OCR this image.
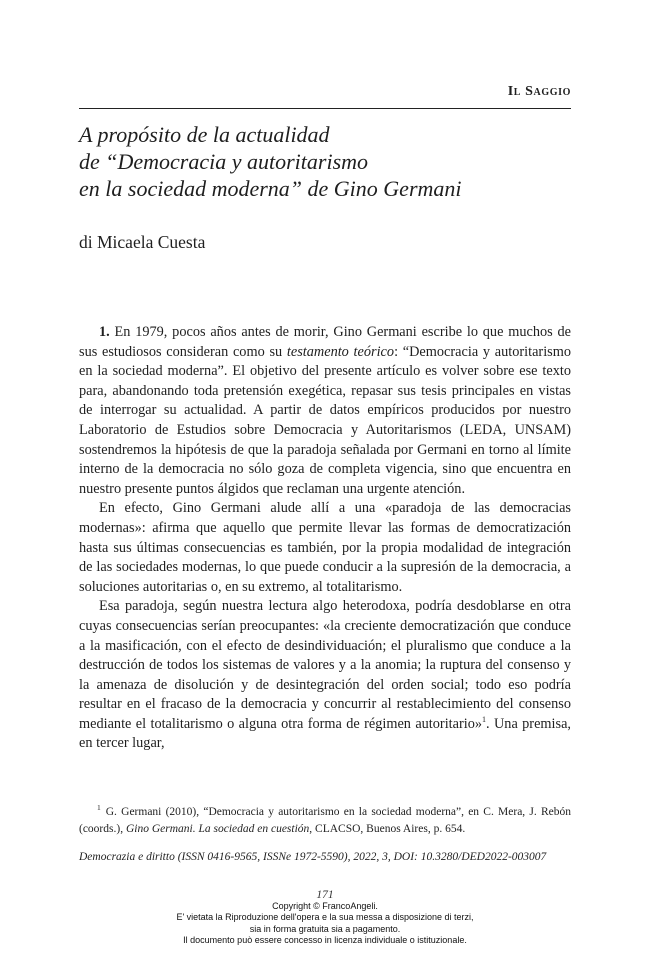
Il Saggio
A propósito de la actualidad
de “Democracia y autoritarismo
en la sociedad moderna” de Gino Germani
di Micaela Cuesta

1. En 1979, pocos años antes de morir, Gino Germani escribe lo que muchos de sus estudiosos consideran como su testamento teórico: “Democracia y autoritarismo en la sociedad moderna”. El objetivo del presente artículo es volver sobre ese texto para, abandonando toda pretensión exegética, repasar sus tesis principales en vistas de interrogar su actualidad. A partir de datos empíricos producidos por nuestro Laboratorio de Estudios sobre Democracia y Autoritarismos (LEDA, UNSAM) sostendremos la hipótesis de que la paradoja señalada por Germani en torno al límite interno de la democracia no sólo goza de completa vigencia, sino que encuentra en nuestro presente puntos álgidos que reclaman una urgente atención.

En efecto, Gino Germani alude allí a una «paradoja de las democracias modernas»: afirma que aquello que permite llevar las formas de democratización hasta sus últimas consecuencias es también, por la propia modalidad de integración de las sociedades modernas, lo que puede conducir a la supresión de la democracia, a soluciones autoritarias o, en su extremo, al totalitarismo.

Esa paradoja, según nuestra lectura algo heterodoxa, podría desdoblarse en otra cuyas consecuencias serían preocupantes: «la creciente democratización que conduce a la masificación, con el efecto de desindividuación; el pluralismo que conduce a la destrucción de todos los sistemas de valores y a la anomia; la ruptura del consenso y la amenaza de disolución y de desintegración del orden social; todo eso podría resultar en el fracaso de la democracia y concurrir al restablecimiento del consenso mediante el totalitarismo o alguna otra forma de régimen autoritario»$^1$. Una premisa, en tercer lugar,

$^1$ G. Germani (2010), “Democracia y autoritarismo en la sociedad moderna”, en C. Mera, J. Rebón (coords.), Gino Germani. La sociedad en cuestión, CLACSO, Buenos Aires, p. 654.
Democrazia e diritto (ISSN 0416-9565, ISSNe 1972-5590), 2022, 3, DOI: 10.3280/DED2022-003007
171
Copyright © FrancoAngeli.
E' vietata la Riproduzione dell'opera e la sua messa a disposizione di terzi,
sia in forma gratuita sia a pagamento.
Il documento può essere concesso in licenza individuale o istituzionale.
